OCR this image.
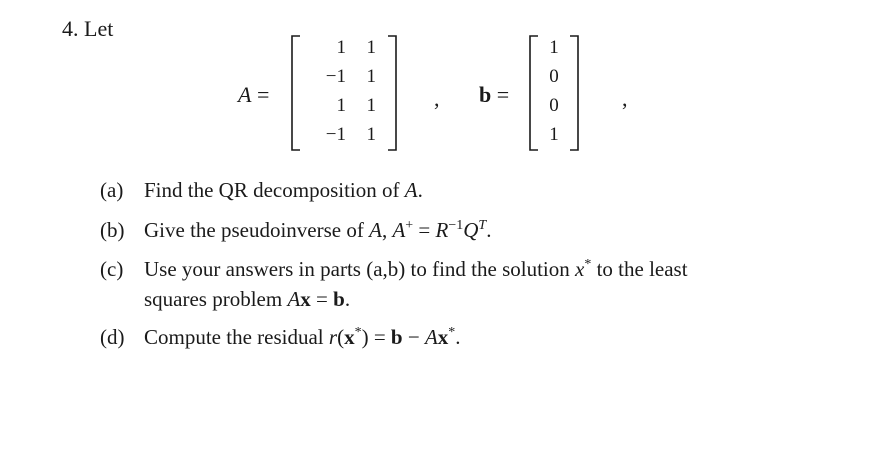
4. Let
A =
1	1
−1	1
1	1
−1	1
, b =
1
0
0
1
,
(a) Find the QR decomposition of A.
(b) Give the pseudoinverse of A, $A^+ = R^{-1}Q^T$.
(c) Use your answers in parts (a,b) to find the solution x* to the least
squares problem Ax = b.
(d) Compute the residual r(x*) = b − Ax*.
